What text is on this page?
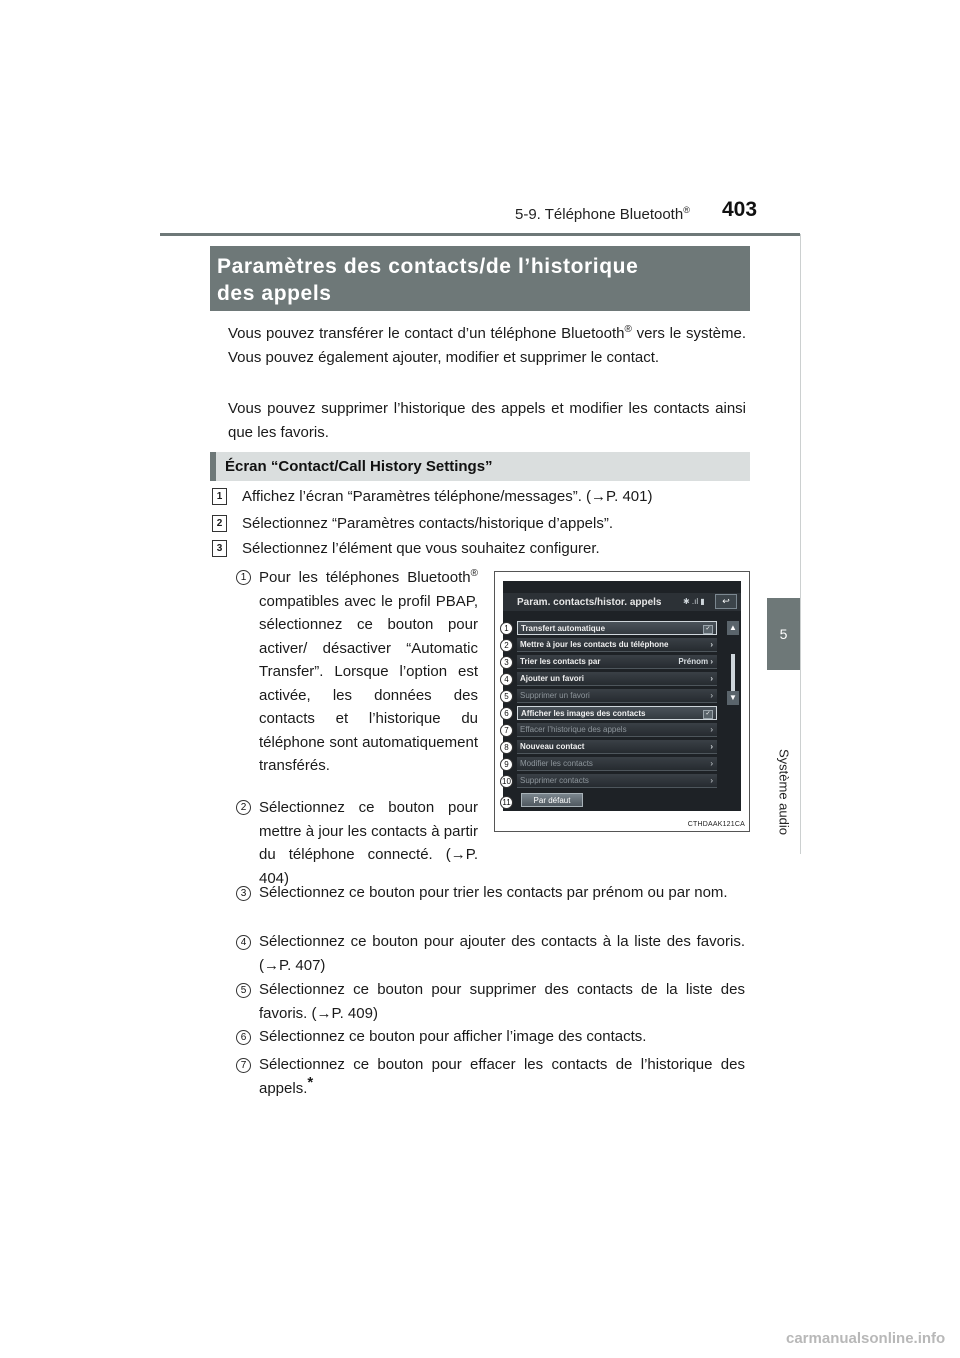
5-9. Téléphone Bluetooth® 403
5
Système audio
Paramètres des contacts/de l’historique
des appels
Vous pouvez transférer le contact d’un téléphone Bluetooth® vers le système. Vous pouvez également ajouter, modifier et supprimer le contact.
Vous pouvez supprimer l’historique des appels et modifier les contacts ainsi que les favoris.
Écran “Contact/Call History Settings”
1	Affichez l’écran “Paramètres téléphone/messages”. (→P. 401)
2	Sélectionnez “Paramètres contacts/historique d’appels”.
3	Sélectionnez l’élément que vous souhaitez configurer.
1 Pour les téléphones Bluetooth® compatibles avec le profil PBAP, sélectionnez ce bouton pour activer/ désactiver “Automatic Transfer”. Lorsque l’option est activée, les données des contacts et l’historique du téléphone sont automatiquement transférés.
2 Sélectionnez ce bouton pour mettre à jour les contacts à partir du téléphone connecté. (→P. 404)
3 Sélectionnez ce bouton pour trier les contacts par prénom ou par nom.
4 Sélectionnez ce bouton pour ajouter des contacts à la liste des favoris. (→P. 407)
5 Sélectionnez ce bouton pour supprimer des contacts de la liste des favoris. (→P. 409)
6 Sélectionnez ce bouton pour afficher l’image des contacts.
7 Sélectionnez ce bouton pour effacer les contacts de l’historique des appels.*
Param. contacts/histor. appels	✱ .ıl ▮	↩
Transfert automatique	✓
Mettre à jour les contacts du téléphone	›
Trier les contacts par	Prénom ›
Ajouter un favori	›
Supprimer un favori	›
Afficher les images des contacts	✓
Effacer l’historique des appels	›
Nouveau contact	›
Modifier les contacts	›
Supprimer contacts	›
▲
▼
Par défaut
1
2
3
4
5
6
7
8
9
10
11
CTHDAAK121CA
carmanualsonline.info
